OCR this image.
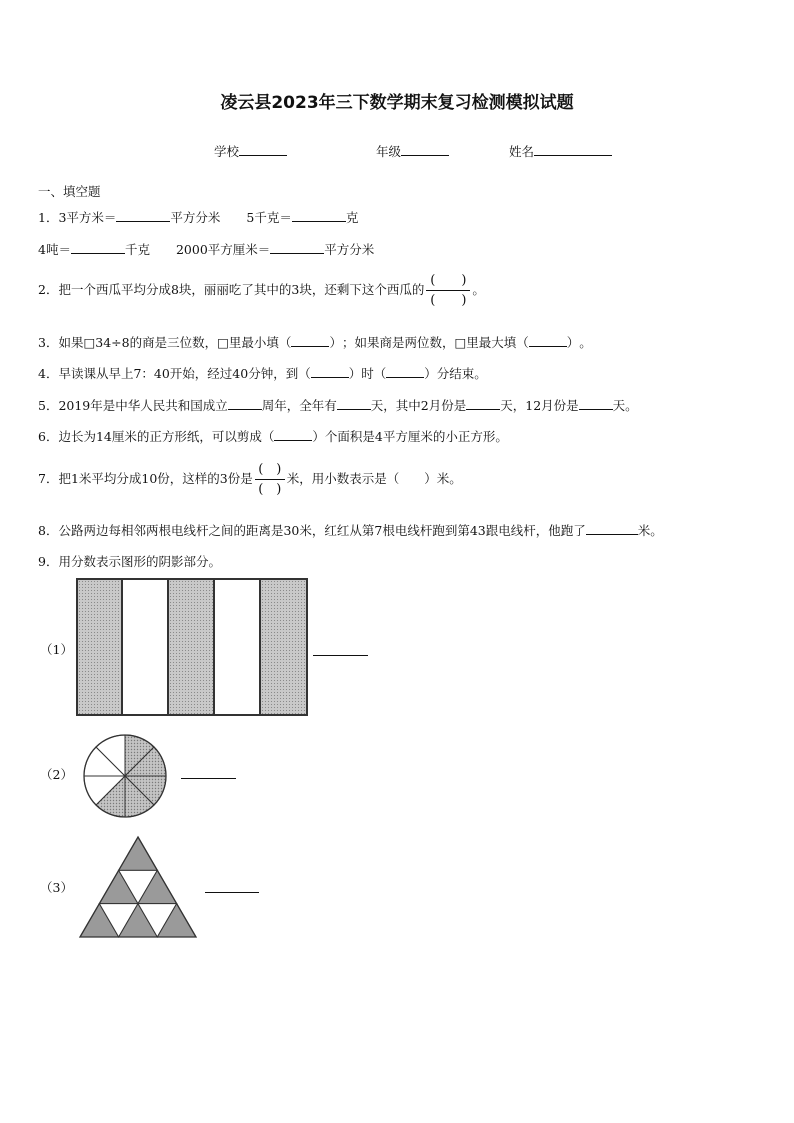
凌云县2023年三下数学期末复习检测模拟试题
学校	年级	姓名
一、填空题
1．3平方米＝	平方分米 5千克＝	克
4吨＝	千克 2000平方厘米＝	平方分米
2．把一个西瓜平均分成8块，丽丽吃了其中的3块，还剩下这个西瓜的 $\frac{( )}{( )}$ 。
3．如果□34÷8的商是三位数，□里最小填（	）；如果商是两位数，□里最大填（	）。
4．早读课从早上7：40开始，经过40分钟，到（	）时（	）分结束。
5．2019年是中华人民共和国成立	周年，全年有	天，其中2月份是	天，12月份是	天。
6．边长为14厘米的正方形纸，可以剪成（	）个面积是4平方厘米的小正方形。
7．把1米平均分成10份，这样的3份是 $\frac{( )}{( )}$ 米，用小数表示是（　　）米。
8．公路两边每相邻两根电线杆之间的距离是30米，红红从第7根电线杆跑到第43跟电线杆，他跑了	米。
9．用分数表示图形的阴影部分。
（1）
（2）
（3）
